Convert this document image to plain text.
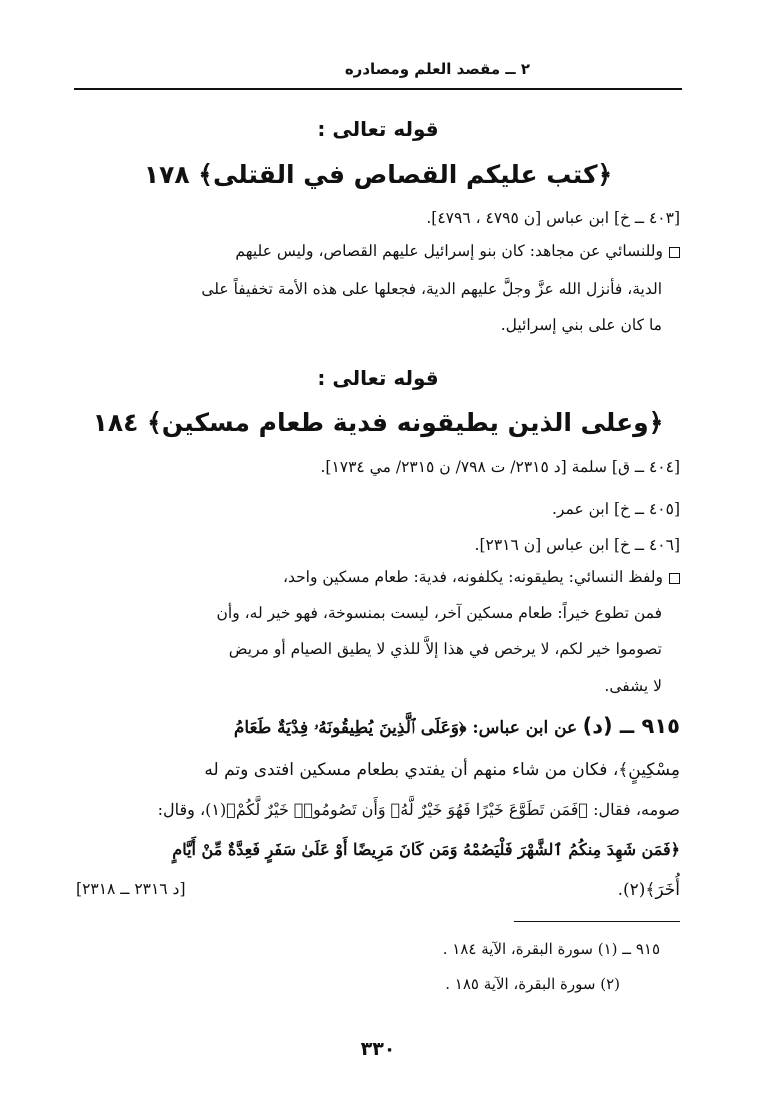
٢ ــ مقصد العلم ومصادره
قوله تعالى :
﴿كتب عليكم القصاص في القتلى﴾ ١٧٨
[٤٠٣ ــ خ] ابن عباس [ن ٤٧٩٥ ، ٤٧٩٦].
وللنسائي عن مجاهد: كان بنو إسرائيل عليهم القصاص، وليس عليهم
الدية، فأنزل الله عزَّ وجلَّ عليهم الدية، فجعلها على هذه الأمة تخفيفاً على
ما كان على بني إسرائيل.
قوله تعالى :
﴿وعلى الذين يطيقونه فدية طعام مسكين﴾ ١٨٤
[٤٠٤ ــ ق] سلمة [د ٢٣١٥/ ت ٧٩٨/ ن ٢٣١٥/ مي ١٧٣٤].
[٤٠٥ ــ خ] ابن عمر.
[٤٠٦ ــ خ] ابن عباس [ن ٢٣١٦].
ولفظ النسائي: يطيقونه: يكلفونه، فدية: طعام مسكين واحد،
فمن تطوع خيراً: طعام مسكين آخر، ليست بمنسوخة، فهو خير له، وأن
تصوموا خير لكم، لا يرخص في هذا إلاَّ للذي لا يطيق الصيام أو مريض
لا يشفى.
٩١٥ ــ (د) عن ابن عباس: ﴿وَعَلَى ٱلَّذِينَ يُطِيقُونَهُۥ فِدْيَةٌ طَعَامُ
مِسْكِينٍ﴾، فكان من شاء منهم أن يفتدي بطعام مسكين افتدى وتم له
صومه، فقال: ﴿فَمَن تَطَوَّعَ خَيْرًا فَهُوَ خَيْرٌ لَّهُۥ وَأَن تَصُومُوا۟ خَيْرٌ لَّكُمْ﴾(١)، وقال:
﴿فَمَن شَهِدَ مِنكُمُ ٱلشَّهْرَ فَلْيَصُمْهُ وَمَن كَانَ مَرِيضًا أَوْ عَلَىٰ سَفَرٍ فَعِدَّةٌ مِّنْ أَيَّامٍ
أُخَرَ﴾(٢).
[د ٢٣١٦ ــ ٢٣١٨]
٩١٥ ــ (١) سورة البقرة، الآية ١٨٤ .
(٢) سورة البقرة، الآية ١٨٥ .
٣٣٠
